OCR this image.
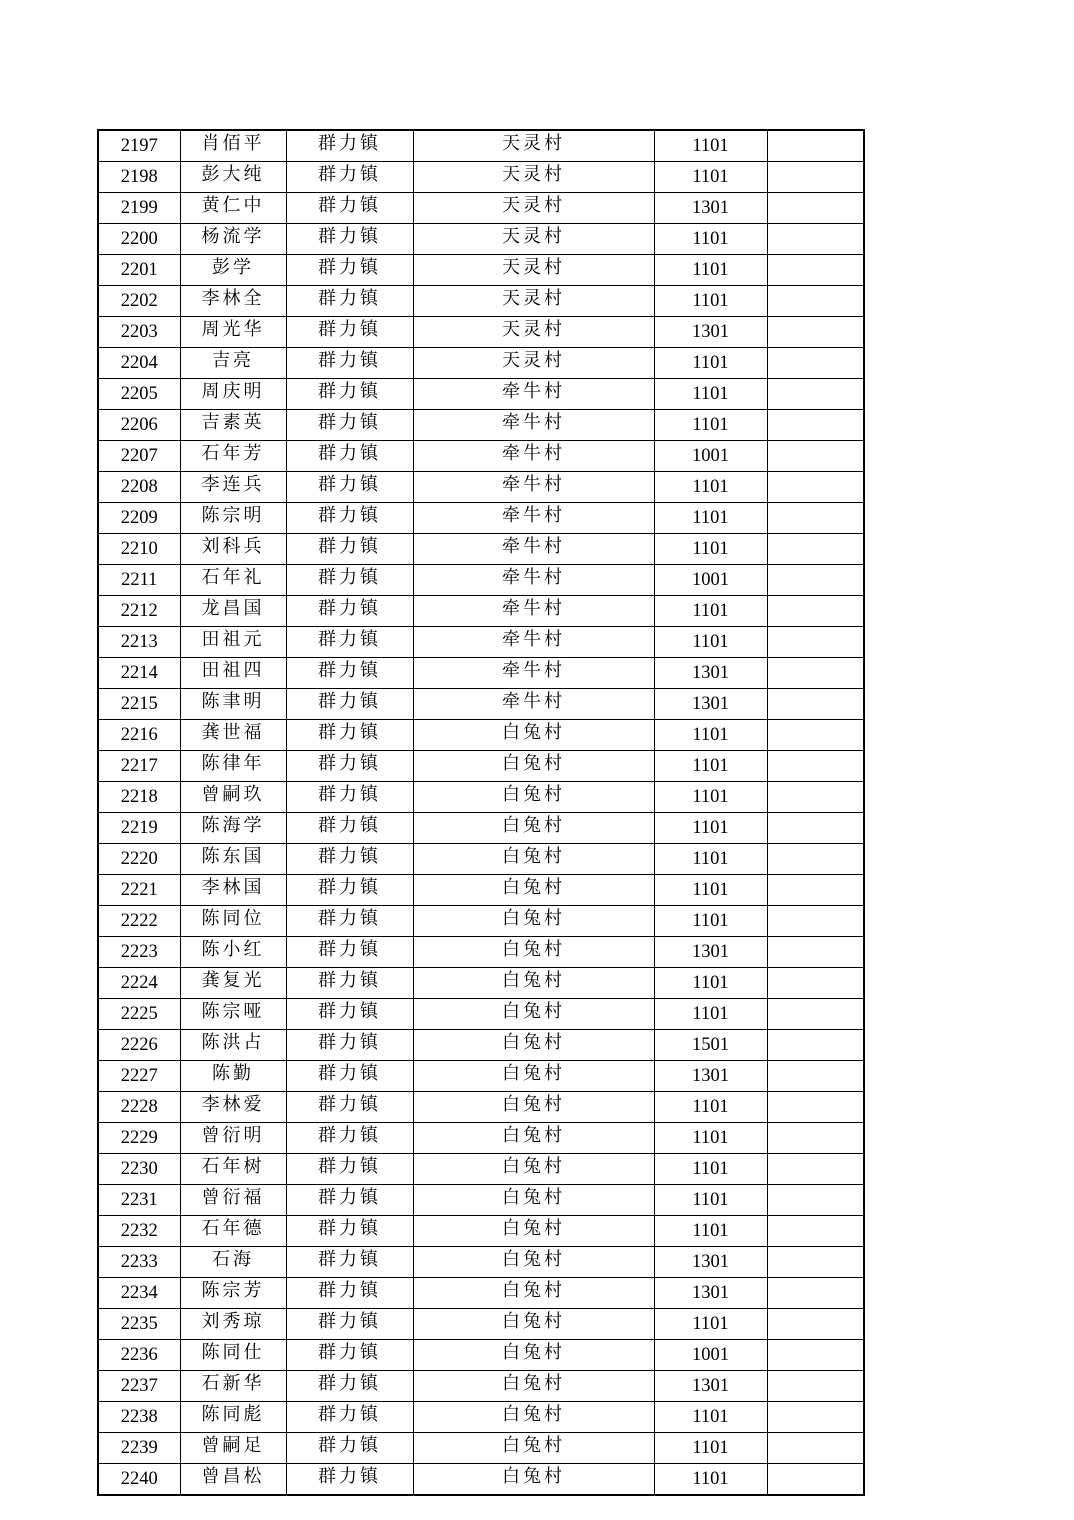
2197	肖佰平	群力镇	天灵村	1101	
2198	彭大纯	群力镇	天灵村	1101	
2199	黄仁中	群力镇	天灵村	1301	
2200	杨流学	群力镇	天灵村	1101	
2201	彭学	群力镇	天灵村	1101	
2202	李林全	群力镇	天灵村	1101	
2203	周光华	群力镇	天灵村	1301	
2204	吉亮	群力镇	天灵村	1101	
2205	周庆明	群力镇	牵牛村	1101	
2206	吉素英	群力镇	牵牛村	1101	
2207	石年芳	群力镇	牵牛村	1001	
2208	李连兵	群力镇	牵牛村	1101	
2209	陈宗明	群力镇	牵牛村	1101	
2210	刘科兵	群力镇	牵牛村	1101	
2211	石年礼	群力镇	牵牛村	1001	
2212	龙昌国	群力镇	牵牛村	1101	
2213	田祖元	群力镇	牵牛村	1101	
2214	田祖四	群力镇	牵牛村	1301	
2215	陈聿明	群力镇	牵牛村	1301	
2216	龚世福	群力镇	白兔村	1101	
2217	陈律年	群力镇	白兔村	1101	
2218	曾嗣玖	群力镇	白兔村	1101	
2219	陈海学	群力镇	白兔村	1101	
2220	陈东国	群力镇	白兔村	1101	
2221	李林国	群力镇	白兔村	1101	
2222	陈同位	群力镇	白兔村	1101	
2223	陈小红	群力镇	白兔村	1301	
2224	龚复光	群力镇	白兔村	1101	
2225	陈宗哑	群力镇	白兔村	1101	
2226	陈洪占	群力镇	白兔村	1501	
2227	陈勤	群力镇	白兔村	1301	
2228	李林爱	群力镇	白兔村	1101	
2229	曾衍明	群力镇	白兔村	1101	
2230	石年树	群力镇	白兔村	1101	
2231	曾衍福	群力镇	白兔村	1101	
2232	石年德	群力镇	白兔村	1101	
2233	石海	群力镇	白兔村	1301	
2234	陈宗芳	群力镇	白兔村	1301	
2235	刘秀琼	群力镇	白兔村	1101	
2236	陈同仕	群力镇	白兔村	1001	
2237	石新华	群力镇	白兔村	1301	
2238	陈同彪	群力镇	白兔村	1101	
2239	曾嗣足	群力镇	白兔村	1101	
2240	曾昌松	群力镇	白兔村	1101	
